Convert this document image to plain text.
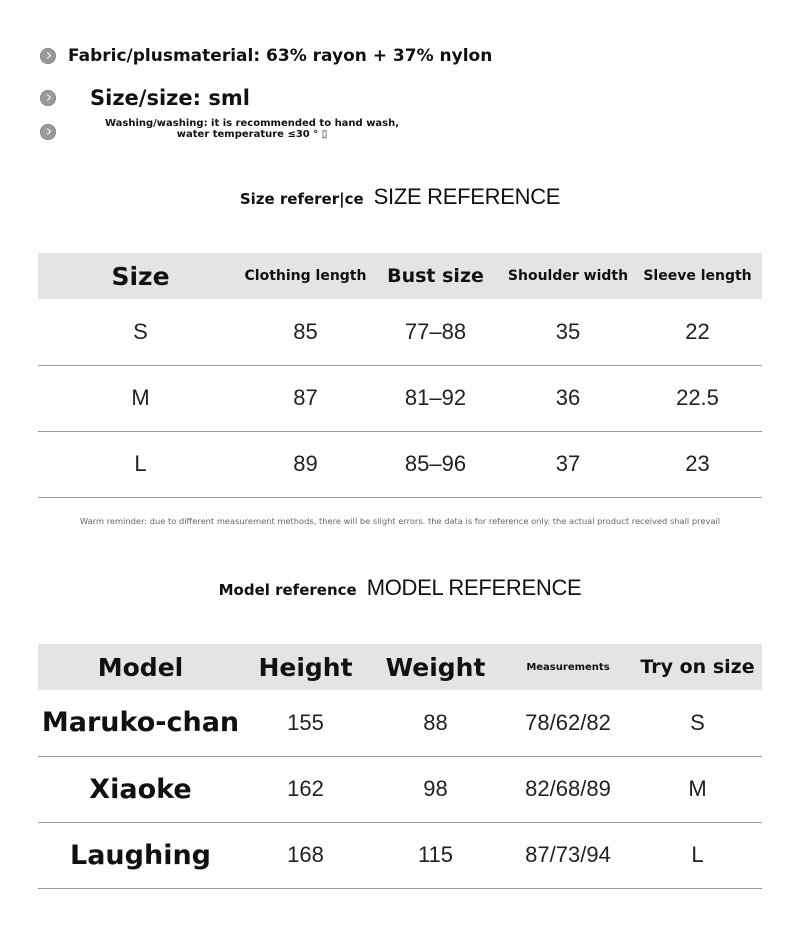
Fabric/plusmaterial: 63% rayon + 37% nylon
Size/size: sml
Washing/washing: it is recommended to hand wash, water temperature ≤30 ° ▯
Size referer|ce SIZE REFERENCE
Size	Clothing length	Bust size	Shoulder width	Sleeve length
S	85	77–88	35	22
M	87	81–92	36	22.5
L	89	85–96	37	23
Warm reminder: due to different measurement methods, there will be slight errors. the data is for reference only. the actual product received shall prevail
Model reference MODEL REFERENCE
Model	Height	Weight	Measurements	Try on size
Maruko-chan	155	88	78/62/82	S
Xiaoke	162	98	82/68/89	M
Laughing	168	115	87/73/94	L
